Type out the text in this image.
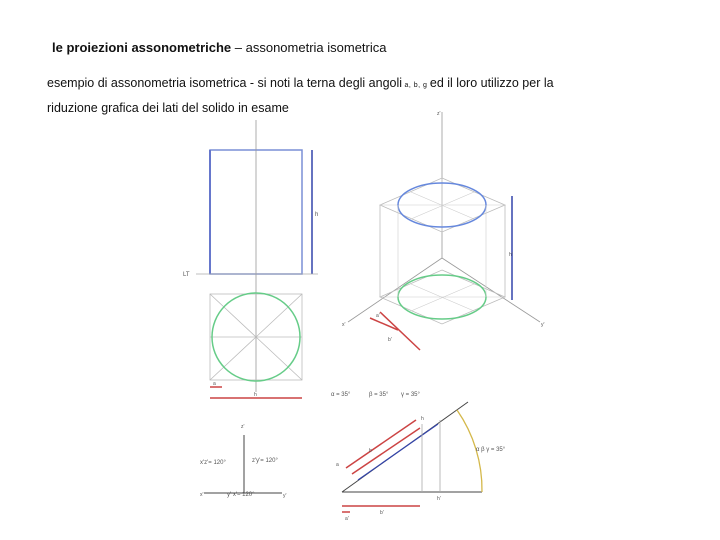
le proiezioni assonometriche – assonometria isometrica
esempio di assonometria isometrica - si noti la terna degli angoli a, b, g ed il loro utilizzo per la
riduzione grafica dei lati del solido in esame
h
LT
a
h
z'
h'
x'	y'
a'
b'
α = 35°	β = 35° γ = 35°
z'
x'z'= 120°	z'y'= 120°
x'	y' x'= 120°	y'
α β γ = 35°
a
b
h
a'
b'
h'
